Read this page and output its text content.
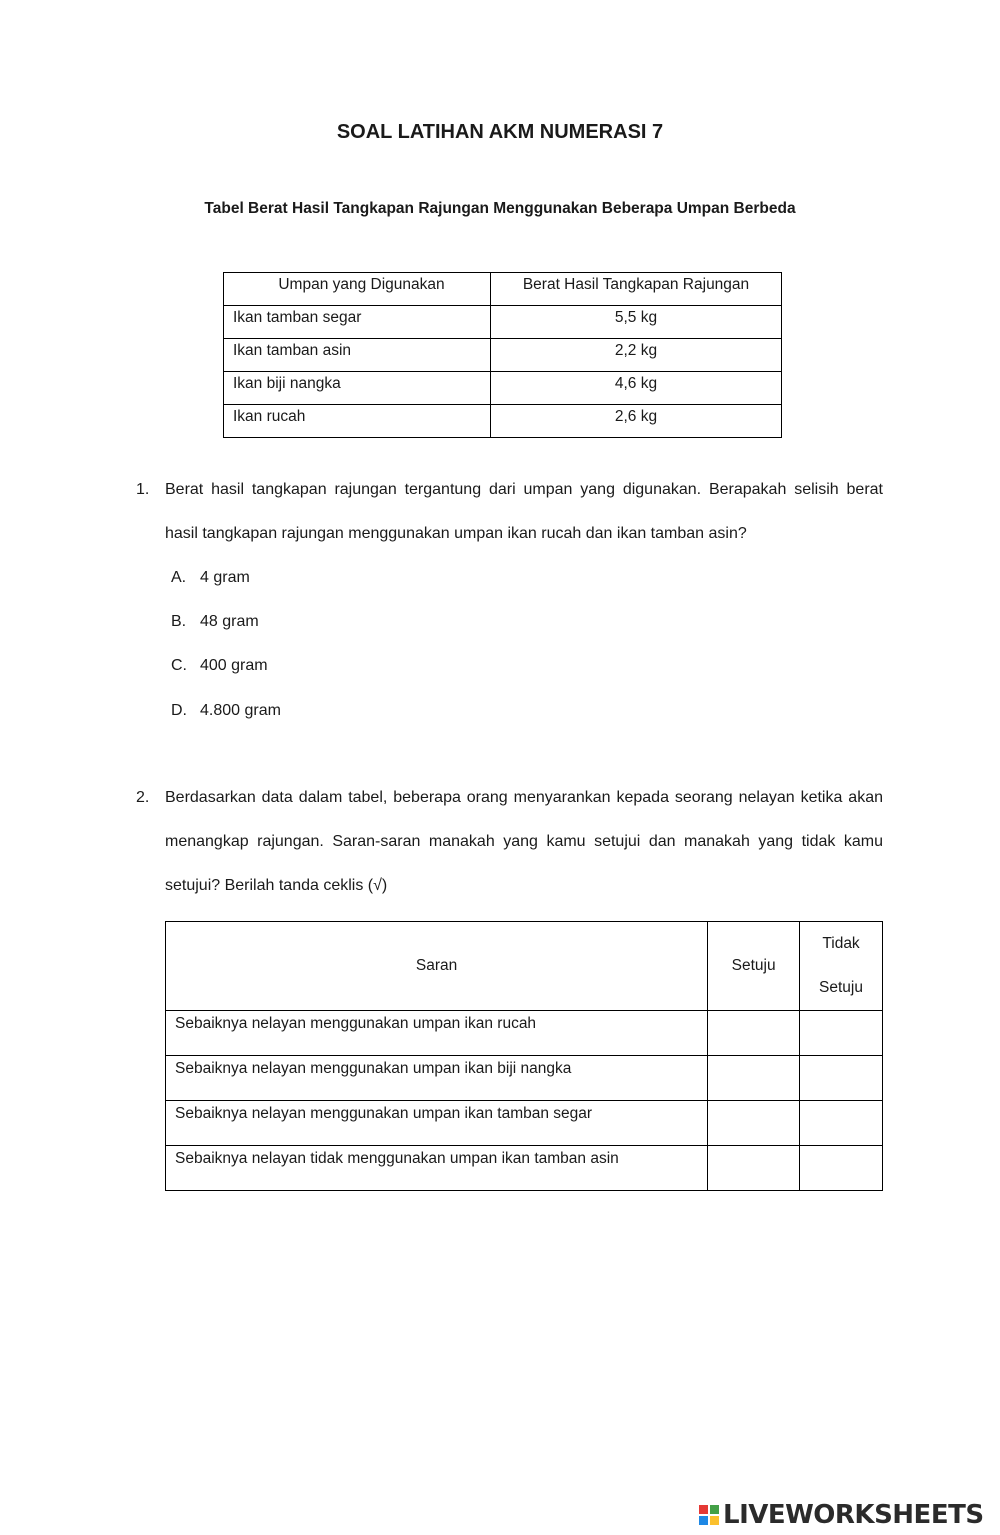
SOAL LATIHAN AKM NUMERASI 7
Tabel Berat Hasil Tangkapan Rajungan Menggunakan Beberapa Umpan Berbeda
Umpan yang Digunakan	Berat Hasil Tangkapan Rajungan
Ikan tamban segar	5,5 kg
Ikan tamban asin	2,2 kg
Ikan biji nangka	4,6 kg
Ikan rucah	2,6 kg
1. Berat hasil tangkapan rajungan tergantung dari umpan yang digunakan. Berapakah selisih berat
hasil tangkapan rajungan menggunakan umpan ikan rucah dan ikan tamban asin?
A. 4 gram
B. 48 gram
C. 400 gram
D. 4.800 gram
2. Berdasarkan data dalam tabel, beberapa orang menyarankan kepada seorang nelayan ketika akan
menangkap rajungan. Saran-saran manakah yang kamu setujui dan manakah yang tidak kamu
setujui? Berilah tanda ceklis (√)
Saran	Setuju	Tidak
Setuju

Sebaiknya nelayan menggunakan umpan ikan rucah		
Sebaiknya nelayan menggunakan umpan ikan biji nangka		
Sebaiknya nelayan menggunakan umpan ikan tamban segar		
Sebaiknya nelayan tidak menggunakan umpan ikan tamban asin		
LIVEWORKSHEETS
